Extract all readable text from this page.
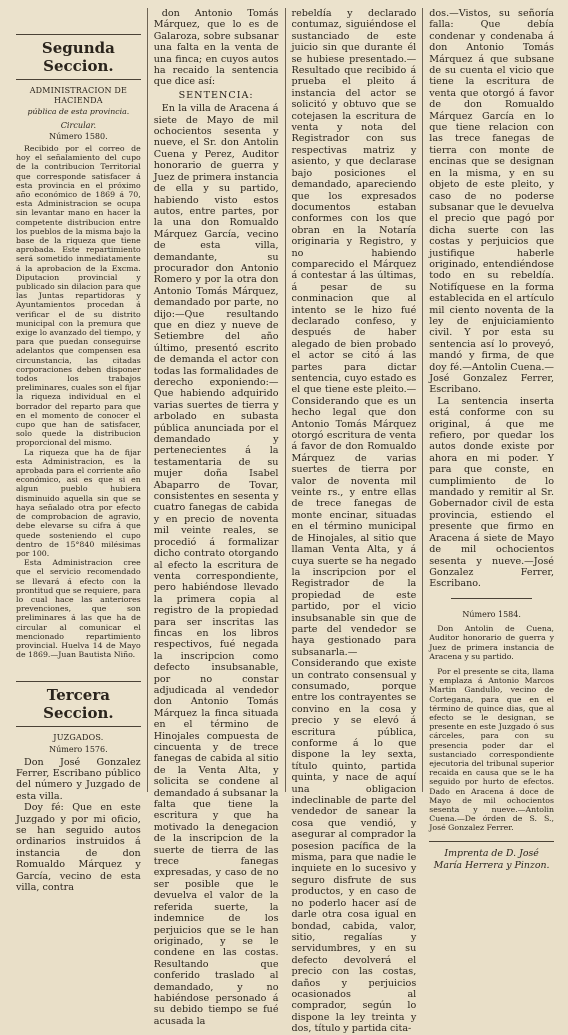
Segunda Seccion.
ADMINISTRACION DE HACIENDA
pública de esta provincia.
Circular.
Número 1580.

Recibido por el correo de hoy el señalamiento del cupo de la contribucion Territorial que corresponde satisfacer á esta provincia en el próximo año económico de 1869 á 70, esta Administracion se ocupa sin levantar mano en hacer la competente distribucion entre los pueblos de la misma bajo la base de la riqueza que tiene aprobada. Este repartimiento será sometido inmediatamente á la aprobacion de la Excma. Diputacion provincial y publicado sin dilacion para que las Juntas repartidoras y Ayuntamientos procedan á verificar el de su distrito municipal con la premura que exige lo avanzado del tiempo, y para que puedan conseguirse adelantos que compensen esa circunstancia, las citadas corporaciones deben disponer todos los trabajos preliminares, cuales son el fijar la riqueza individual en el borrador del reparto para que en el momento de conocer el cupo que han de satisfacer, solo quede la distribucion proporcional del mismo.

La riqueza que ha de fijar esta Administracion, es la aprobada para el corriente año económico, asi es que si en algun pueblo hubiera disminuido aquella sin que se haya señalado otra por efecto de comprobacion de agravio, debe elevarse su cifra á que quede sosteniendo el cupo dentro de 15°840 milésimas por 100.

Esta Administracion cree que el servicio recomendado se llevará á efecto con la prontitud que se requiere, para lo cual hace las anteriores prevenciones, que son preliminares á las que ha de circular al comunicar el mencionado repartimiento provincial. Huelva 14 de Mayo de 1869.—Juan Bautista Niño.

Tercera Seccion.
JUZGADOS.
Número 1576.

Don José Gonzalez Ferrer, Escribano público del número y Juzgado de esta villa.

Doy fé: Que en este Juzgado y por mi oficio, se han seguido autos ordinarios instruidos á instancia de don Romualdo Márquez y García, vecino de esta villa, contra

don Antonio Tomás Márquez, que lo es de Galaroza, sobre subsanar una falta en la venta de una finca; en cuyos autos ha recaido la sentencia que dice así:

SENTENCIA:

En la villa de Aracena á siete de Mayo de mil ochocientos sesenta y nueve, el Sr. don Antolin Cuena y Perez, Auditor honorario de guerra y Juez de primera instancia de ella y su partido, habiendo visto estos autos, entre partes, por la una don Romualdo Márquez García, vecino de esta villa, demandante, su procurador don Antonio Romero y por la otra don Antonio Tomás Márquez, demandado por parte, no dijo:—Que resultando que en diez y nueve de Setiembre del año último, presentó escrito de demanda el actor con todas las formalidades de derecho exponiendo:—Que habiendo adquirido varias suertes de tierra y arbolado en subasta pública anunciada por el demandado y pertenecientes á la testamentaria de su mujer doña Isabel Abaparro de Tovar, consistentes en sesenta y cuatro fanegas de cabida y en precio de noventa mil veinte reales, se procedió á formalizar dicho contrato otorgando al efecto la escritura de venta correspondiente, pero habiéndose llevado la primera copia al registro de la propiedad para ser inscritas las fincas en los libros respectivos, fué negada la inscripcion como defecto insubsanable, por no constar adjudicada al vendedor don Antonio Tomás Márquez la finca situada en el término de Hinojales compuesta de cincuenta y de trece fanegas de cabida al sitio de la Venta Alta, y solicita se condene al demandado á subsanar la falta que tiene la escritura y que ha motivado la denegacion de la inscripcion de la suerte de tierra de las trece fanegas expresadas, y caso de no ser posible que le devuelva el valor de la referida suerte, la indemnice de los perjuicios que se le han originado, y se le condene en las costas. Resultando que conferido traslado al demandado, y no habiéndose personado á su debido tiempo se fué acusada la

rebeldía y declarado contumaz, siguiéndose el sustanciado de este juicio sin que durante él se hubiese presentado.—Resultado que recibido á prueba el pleito á instancia del actor se solicitó y obtuvo que se cotejasen la escritura de venta y nota del Registrador con sus respectivas matriz y asiento, y que declarase bajo posiciones el demandado, apareciendo que los expresados documentos estaban conformes con los que obran en la Notaría originaria y Registro, y no habiendo comparecido el Márquez á contestar á las últimas, á pesar de su conminacion que al intento se le hizo fué declarado confeso, y después de haber alegado de bien probado el actor se citó á las partes para dictar sentencia, cuyo estado es el que tiene este pleito.—Considerando que es un hecho legal que don Antonio Tomás Márquez otorgó escritura de venta á favor de don Romualdo Márquez de varias suertes de tierra por valor de noventa mil veinte rs., y entre ellas de trece fanegas de monte encinar, situadas en el término municipal de Hinojales, al sitio que llaman Venta Alta, y á cuya suerte se ha negado la inscripcion por el Registrador de la propiedad de este partido, por el vicio insubsanable sin que de parte del vendedor se haya gestionado para subsanarla.—Considerando que existe un contrato consensual y consumado, porque entre los contrayentes se convino en la cosa y precio y se elevó á escritura pública, conforme á lo que dispone la ley sexta, título quinto, partida quinta, y nace de aquí una obligacion indeclinable de parte del vendedor de sanear la cosa que vendió, y asegurar al comprador la posesion pacífica de la misma, para que nadie le inquiete en lo sucesivo y seguro disfrute de sus productos, y en caso de no poderlo hacer así de darle otra cosa igual en bondad, cabida, valor, sitio, regalías y servidumbres, y en su defecto devolverá el precio con las costas, daños y perjuicios ocasionados al comprador, según lo dispone la ley treinta y dos, título y partida cita-

dos.—Vistos, su señoría falla: Que debía condenar y condenaba á don Antonio Tomás Márquez á que subsane de su cuenta el vicio que tiene la escritura de venta que otorgó á favor de don Romualdo Márquez García en lo que tiene relacion con las trece fanegas de tierra con monte de encinas que se designan en la misma, y en su objeto de este pleito, y caso de no poderse subsanar que le devuelva el precio que pagó por dicha suerte con las costas y perjuicios que justifique haberle originado, entendiéndose todo en su rebeldía. Notifíquese en la forma establecida en el artículo mil ciento noventa de la ley de enjuiciamiento civil. Y por esta su sentencia así lo proveyó, mandó y firma, de que doy fé.—Antolin Cuena.—José Gonzalez Ferrer, Escribano.

La sentencia inserta está conforme con su original, á que me refiero, por quedar los autos donde existe por ahora en mi poder. Y para que conste, en cumplimiento de lo mandado y remitir al Sr. Gobernador civil de esta provincia, estiendo el presente que firmo en Aracena á siete de Mayo de mil ochocientos sesenta y nueve.—José Gonzalez Ferrer, Escribano.

Número 1584.

Don Antolin de Cuena, Auditor honorario de guerra y Juez de primera instancia de Aracena y su partido.

Por el presente se cita, llama y emplaza á Antonio Marcos Martin Gandullo, vecino de Cortegana, para que en el término de quince dias, que al efecto se le designan, se presente en este Juzgado ó sus cárceles, para con su presencia poder dar el sustanciado correspondiente ejecutoria del tribunal superior recaida en causa que se le ha seguido por hurto de efectos. Dado en Aracena á doce de Mayo de mil ochocientos sesenta y nueve.—Antolin Cuena.—De órden de S. S., José Gonzalez Ferrer.

Imprenta de D. José María Herrera y Pinzon.
